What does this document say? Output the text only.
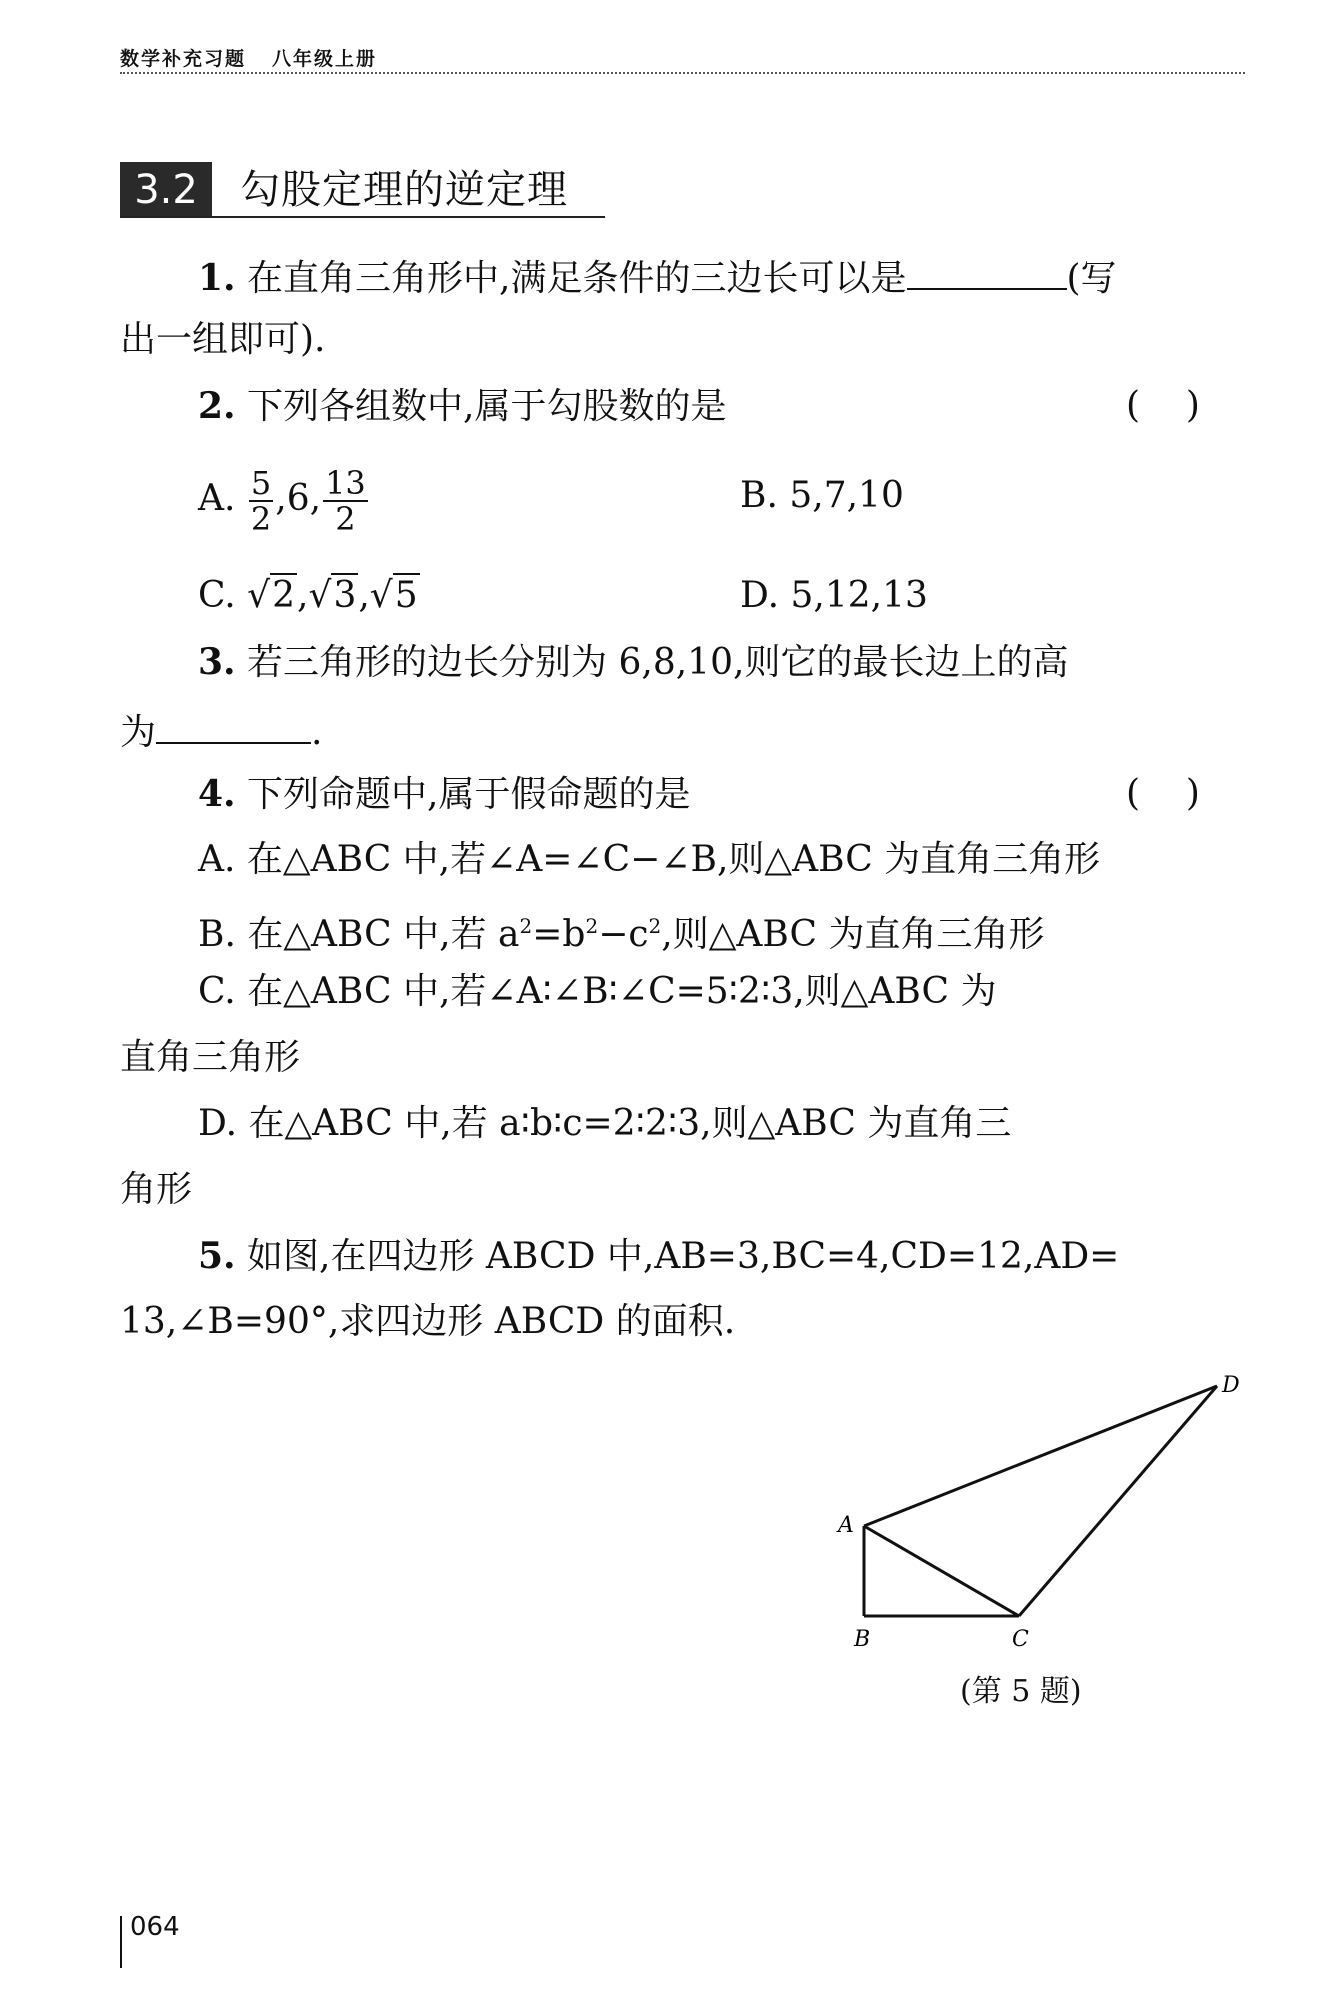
数学补充习题 八年级上册
3.2	勾股定理的逆定理
1. 在直角三角形中,满足条件的三边长可以是	(写
出一组即可).
2. 下列各组数中,属于勾股数的是	(    )
A. $\frac{5}{2} ,6$, $\frac{13}{2}$	B. 5,7,10
C. √2,√3,√5	D. 5,12,13
3. 若三角形的边长分别为 6,8,10,则它的最长边上的高
为	.
4. 下列命题中,属于假命题的是	(    )
A. 在△ABC 中,若∠A=∠C−∠B,则△ABC 为直角三角形
B. 在△ABC 中,若 $a^2=b^2-c^2$,则△ABC 为直角三角形
C. 在△ABC 中,若∠A∶∠B∶∠C=5∶2∶3,则△ABC 为
直角三角形
D. 在△ABC 中,若 a∶b∶c=2∶2∶3,则△ABC 为直角三
角形
5. 如图,在四边形 ABCD 中,AB=3,BC=4,CD=12,AD=
13,∠B=90°,求四边形 ABCD 的面积.
A
B	C
D
(第 5 题)
064
